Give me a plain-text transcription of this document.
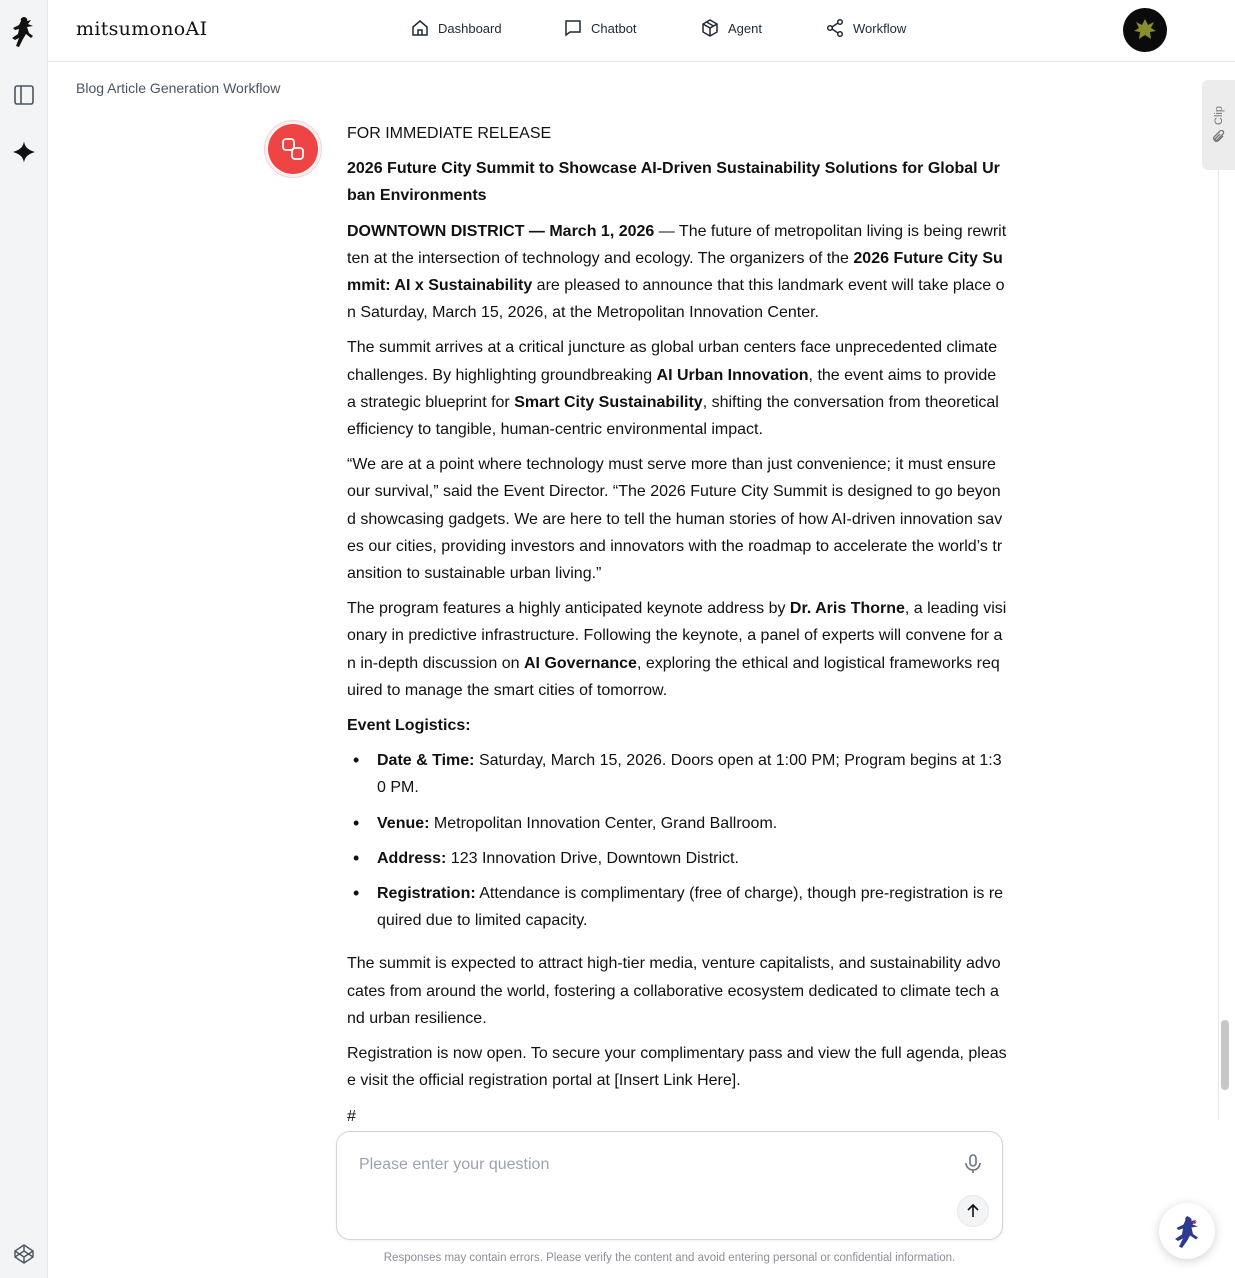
mitsumonoAI	Dashboard	Chatbot	Agent	Workflow
Blog Article Generation Workflow
Clip

FOR IMMEDIATE RELEASE

2026 Future City Summit to Showcase AI-Driven Sustainability Solutions for Global Urban Environments

DOWNTOWN DISTRICT — March 1, 2026 — The future of metropolitan living is being rewritten at the intersection of technology and ecology. The organizers of the 2026 Future City Summit: AI x Sustainability are pleased to announce that this landmark event will take place on Saturday, March 15, 2026, at the Metropolitan Innovation Center.

The summit arrives at a critical juncture as global urban centers face unprecedented climate challenges. By highlighting groundbreaking AI Urban Innovation, the event aims to provide a strategic blueprint for Smart City Sustainability, shifting the conversation from theoretical efficiency to tangible, human-centric environmental impact.

“We are at a point where technology must serve more than just convenience; it must ensure our survival,” said the Event Director. “The 2026 Future City Summit is designed to go beyond showcasing gadgets. We are here to tell the human stories of how AI-driven innovation saves our cities, providing investors and innovators with the roadmap to accelerate the world’s transition to sustainable urban living.”

The program features a highly anticipated keynote address by Dr. Aris Thorne, a leading visionary in predictive infrastructure. Following the keynote, a panel of experts will convene for an in-depth discussion on AI Governance, exploring the ethical and logistical frameworks required to manage the smart cities of tomorrow.

Event Logistics:

• Date & Time: Saturday, March 15, 2026. Doors open at 1:00 PM; Program begins at 1:30 PM.
• Venue: Metropolitan Innovation Center, Grand Ballroom.
• Address: 123 Innovation Drive, Downtown District.
• Registration: Attendance is complimentary (free of charge), though pre-registration is required due to limited capacity.

The summit is expected to attract high-tier media, venture capitalists, and sustainability advocates from around the world, fostering a collaborative ecosystem dedicated to climate tech and urban resilience.

Registration is now open. To secure your complimentary pass and view the full agenda, please visit the official registration portal at [Insert Link Here].

#

Please enter your question
Responses may contain errors. Please verify the content and avoid entering personal or confidential information.
